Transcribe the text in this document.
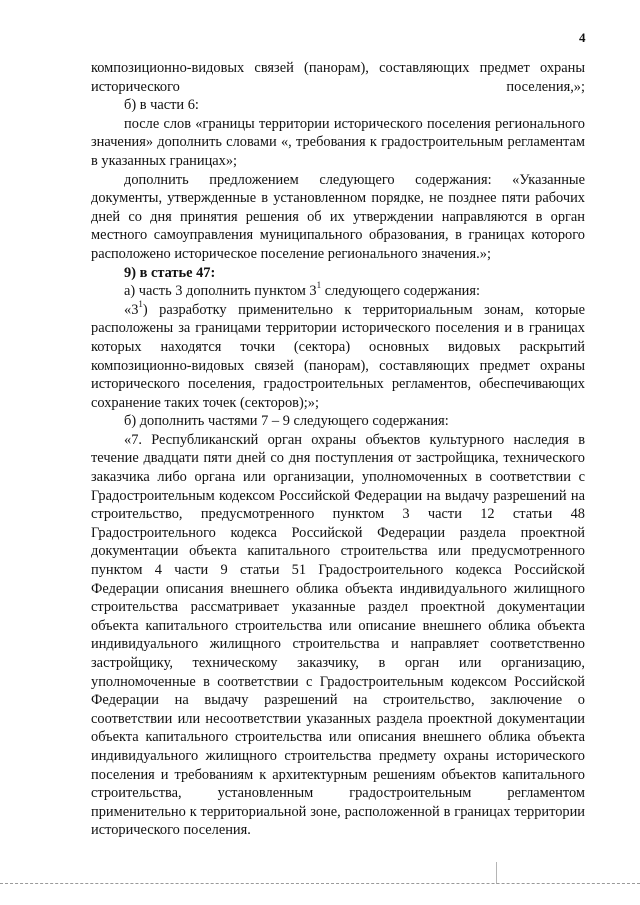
4

композиционно-видовых связей (панорам), составляющих предмет охраны исторического поселения,»;

б) в части 6:

после слов «границы территории исторического поселения регионального значения» дополнить словами «, требования к градостроительным регламентам в указанных границах»;

дополнить предложением следующего содержания: «Указанные документы, утвержденные в установленном порядке, не позднее пяти рабочих дней со дня принятия решения об их утверждении направляются в орган местного самоуправления муниципального образования, в границах которого расположено историческое поселение регионального значения.»;

9) в статье 47:

а) часть 3 дополнить пунктом $3^1$ следующего содержания:

«$3^1$) разработку применительно к территориальным зонам, которые расположены за границами территории исторического поселения и в границах которых находятся точки (сектора) основных видовых раскрытий композиционно-видовых связей (панорам), составляющих предмет охраны исторического поселения, градостроительных регламентов, обеспечивающих сохранение таких точек (секторов);»;

б) дополнить частями 7 – 9 следующего содержания:

«7. Республиканский орган охраны объектов культурного наследия в течение двадцати пяти дней со дня поступления от застройщика, технического заказчика либо органа или организации, уполномоченных в соответствии с Градостроительным кодексом Российской Федерации на выдачу разрешений на строительство, предусмотренного пунктом 3 части 12 статьи 48 Градостроительного кодекса Российской Федерации раздела проектной документации объекта капитального строительства или предусмотренного пунктом 4 части 9 статьи 51 Градостроительного кодекса Российской Федерации описания внешнего облика объекта индивидуального жилищного строительства рассматривает указанные раздел проектной документации объекта капитального строительства или описание внешнего облика объекта индивидуального жилищного строительства и направляет соответственно застройщику, техническому заказчику, в орган или организацию, уполномоченные в соответствии с Градостроительным кодексом Российской Федерации на выдачу разрешений на строительство, заключение о соответствии или несоответствии указанных раздела проектной документации объекта капитального строительства или описания внешнего облика объекта индивидуального жилищного строительства предмету охраны исторического поселения и требованиям к архитектурным решениям объектов капитального строительства, установленным градостроительным регламентом применительно к территориальной зоне, расположенной в границах территории исторического поселения.
